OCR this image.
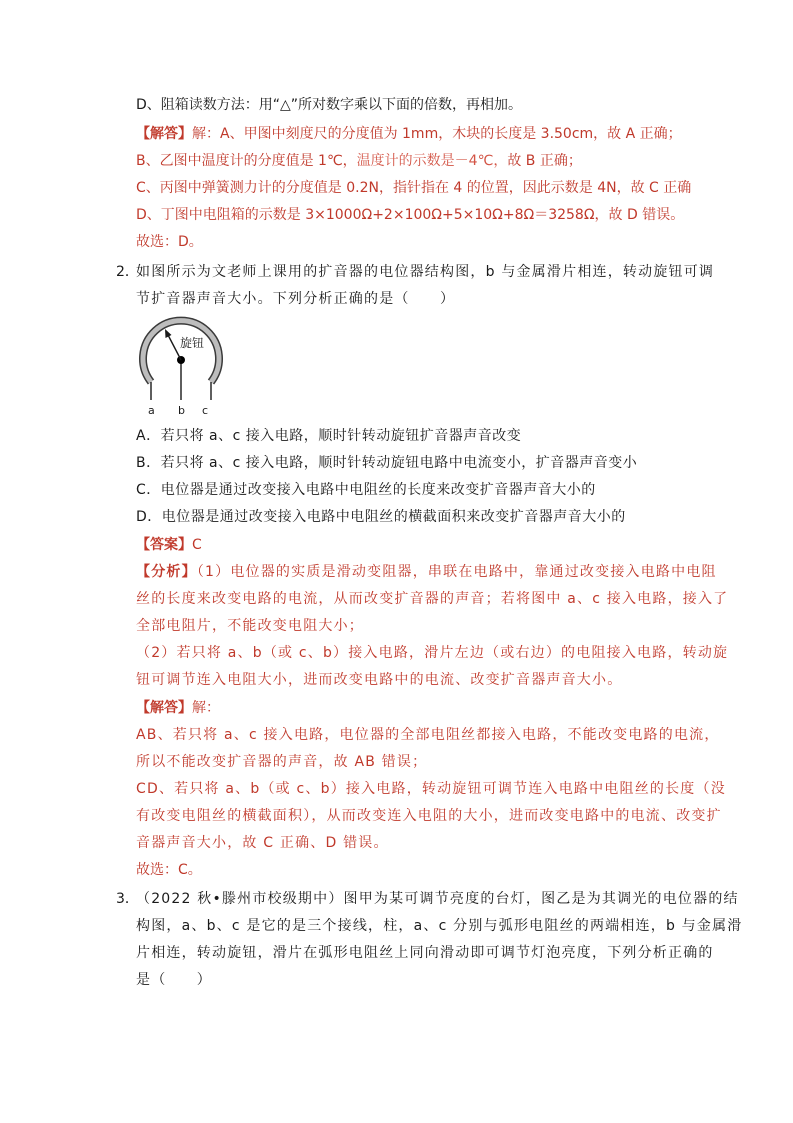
D、阻箱读数方法：用“△”所对数字乘以下面的倍数，再相加。
【解答】解：A、甲图中刻度尺的分度值为 1mm，木块的长度是 3.50cm，故 A 正确；
B、乙图中温度计的分度值是 1℃，温度计的示数是－4℃，故 B 正确；
C、丙图中弹簧测力计的分度值是 0.2N，指针指在 4 的位置，因此示数是 4N，故 C 正确
D、丁图中电阻箱的示数是 3×1000Ω+2×100Ω+5×10Ω+8Ω＝3258Ω，故 D 错误。
故选：D。
2．
如图所示为文老师上课用的扩音器的电位器结构图，b 与金属滑片相连，转动旋钮可调
节扩音器声音大小。下列分析正确的是（　　）
旋钮
a b c
A．若只将 a、c 接入电路，顺时针转动旋钮扩音器声音改变
B．若只将 a、c 接入电路，顺时针转动旋钮电路中电流变小，扩音器声音变小
C．电位器是通过改变接入电路中电阻丝的长度来改变扩音器声音大小的
D．电位器是通过改变接入电路中电阻丝的横截面积来改变扩音器声音大小的
【答案】C
【分析】（1）电位器的实质是滑动变阻器，串联在电路中，靠通过改变接入电路中电阻
丝的长度来改变电路的电流，从而改变扩音器的声音；若将图中 a、c 接入电路，接入了
全部电阻片，不能改变电阻大小；
（2）若只将 a、b（或 c、b）接入电路，滑片左边（或右边）的电阻接入电路，转动旋
钮可调节连入电阻大小，进而改变电路中的电流、改变扩音器声音大小。
【解答】解：
AB、若只将 a、c 接入电路，电位器的全部电阻丝都接入电路，不能改变电路的电流，
所以不能改变扩音器的声音，故 AB 错误；
CD、若只将 a、b（或 c、b）接入电路，转动旋钮可调节连入电路中电阻丝的长度（没
有改变电阻丝的横截面积），从而改变连入电阻的大小，进而改变电路中的电流、改变扩
音器声音大小，故 C 正确、D 错误。
故选：C。
3．
（2022 秋•滕州市校级期中）图甲为某可调节亮度的台灯，图乙是为其调光的电位器的结
构图，a、b、c 是它的是三个接线，柱，a、c 分别与弧形电阻丝的两端相连，b 与金属滑
片相连，转动旋钮，滑片在弧形电阻丝上同向滑动即可调节灯泡亮度，下列分析正确的
是（　　）
